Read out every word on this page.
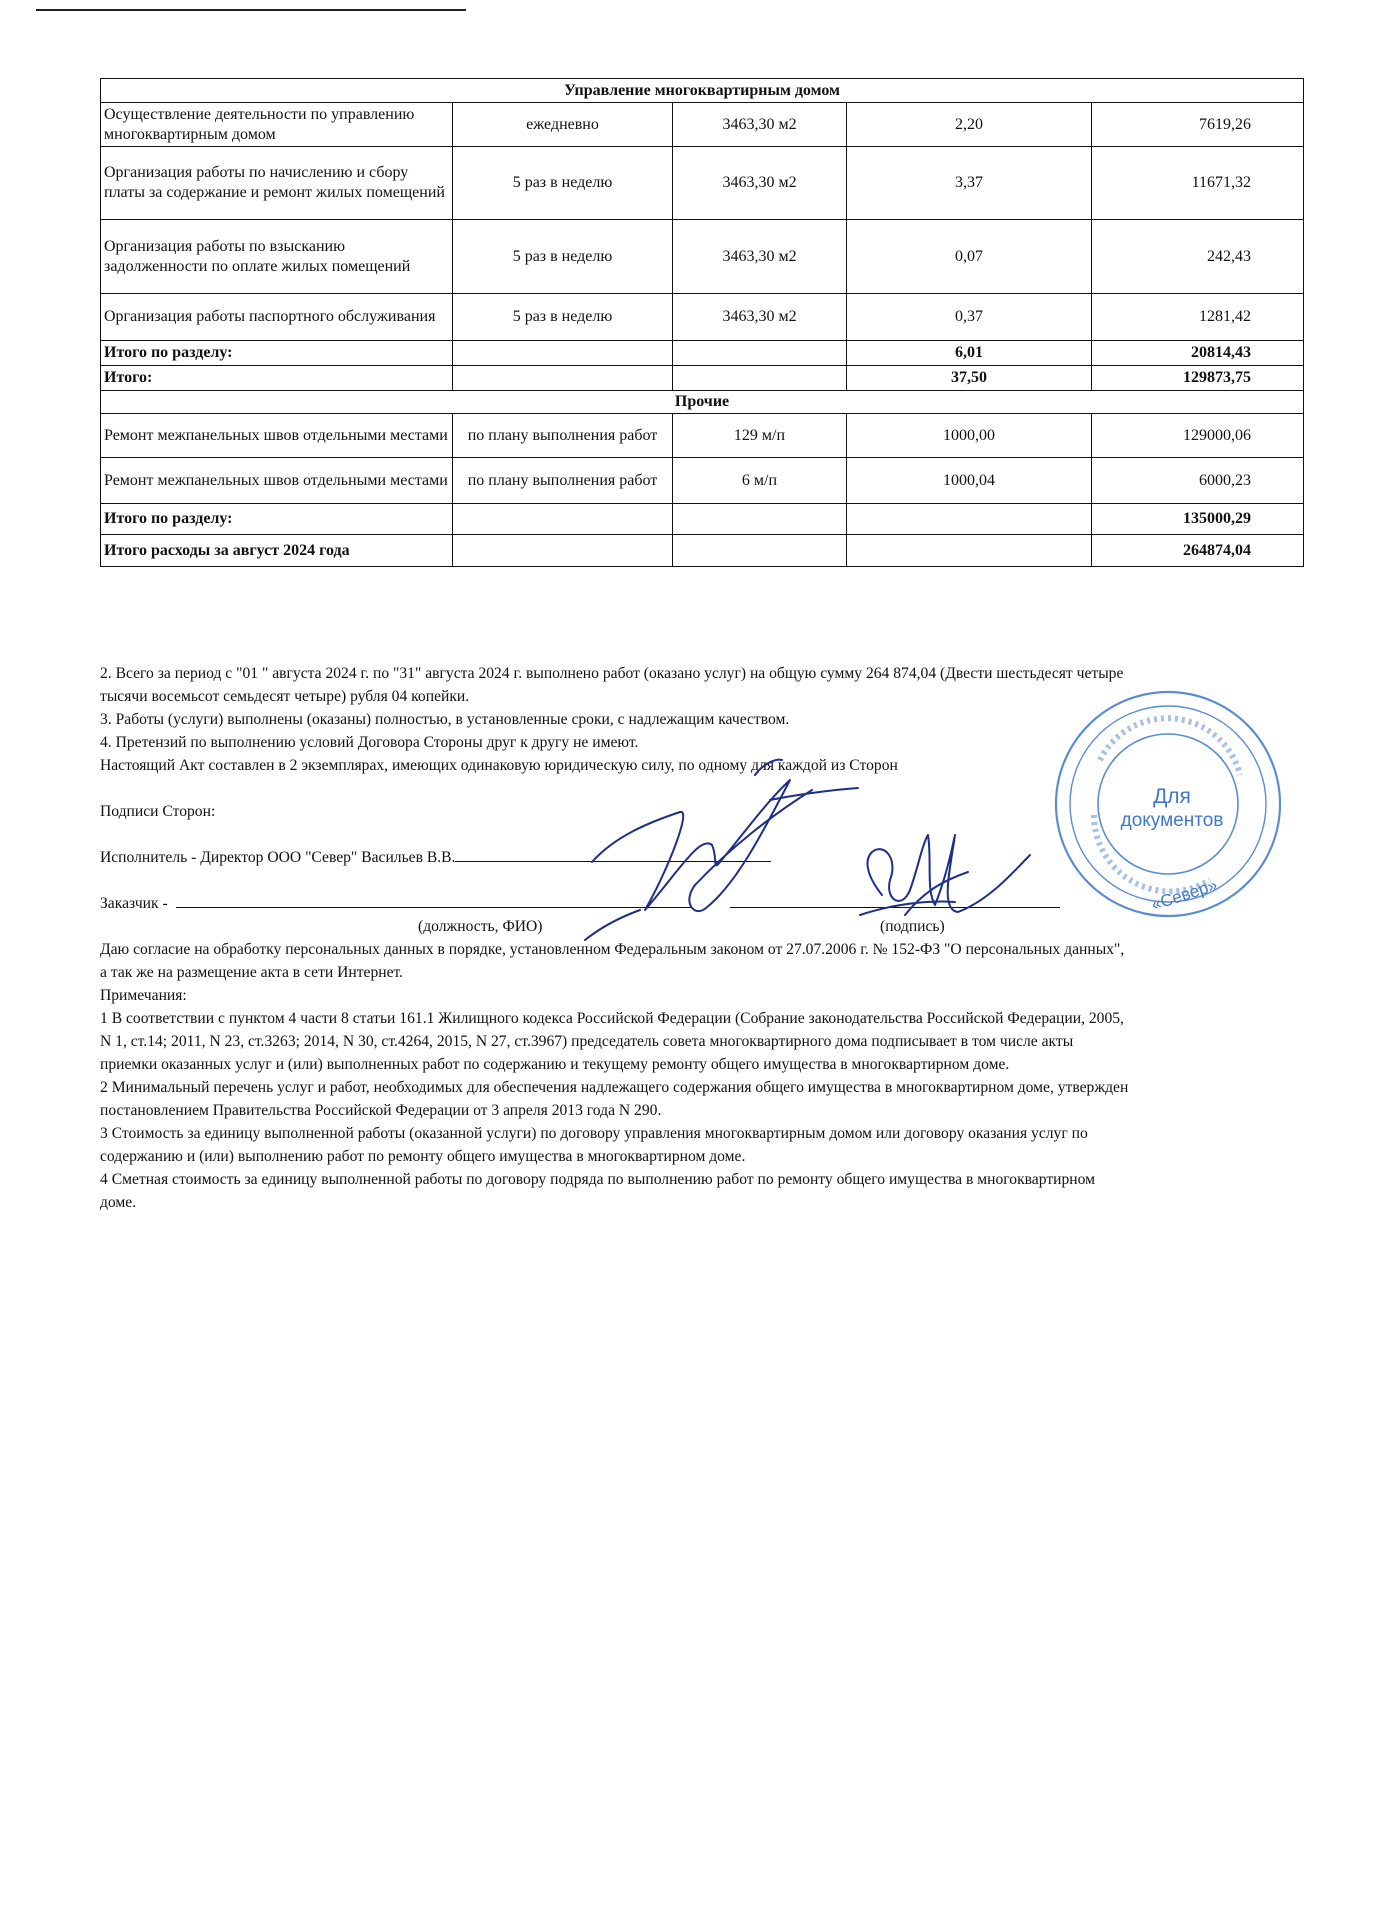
Управление многоквартирным домом				
Осуществление деятельности по управлению многоквартирным домом	ежедневно	3463,30 м2	2,20	7619,26
Организация работы по начислению и сбору платы за содержание и ремонт жилых помещений	5 раз в неделю	3463,30 м2	3,37	11671,32
Организация работы по взысканию задолженности по оплате жилых помещений	5 раз в неделю	3463,30 м2	0,07	242,43
Организация работы паспортного обслуживания	5 раз в неделю	3463,30 м2	0,37	1281,42
Итого по разделу:			6,01	20814,43
Итого:			37,50	129873,75
Прочие				
Ремонт межпанельных швов отдельными местами	по плану выполнения работ	129 м/п	1000,00	129000,06
Ремонт межпанельных швов отдельными местами	по плану выполнения работ	6 м/п	1000,04	6000,23
Итого по разделу:				135000,29
Итого расходы за август 2024 года				264874,04

2. Всего за период с "01 " августа 2024 г. по "31" августа 2024 г. выполнено работ (оказано услуг) на общую сумму 264 874,04 (Двести шестьдесят четыре

тысячи восемьсот семьдесят четыре) рубля 04 копейки.

3. Работы (услуги) выполнены (оказаны) полностью, в установленные сроки, с надлежащим качеством.

4. Претензий по выполнению условий Договора Стороны друг к другу не имеют.

Настоящий Акт составлен в 2 экземплярах, имеющих одинаковую юридическую силу, по одному для каждой из Сторон

Подписи Сторон:

Исполнитель - Директор ООО "Север" Васильев В.В.

Заказчик -

(должность, ФИО)	(подпись)

Даю согласие на обработку персональных данных в порядке, установленном Федеральным законом от 27.07.2006 г. № 152-ФЗ "О персональных данных",

а так же на размещение акта в сети Интернет.

Примечания:

1 В соответствии с пунктом 4 части 8 статьи 161.1 Жилищного кодекса Российской Федерации (Собрание законодательства Российской Федерации, 2005,

N 1, ст.14; 2011, N 23, ст.3263; 2014, N 30, ст.4264, 2015, N 27, ст.3967) председатель совета многоквартирного дома подписывает в том числе акты

приемки оказанных услуг и (или) выполненных работ по содержанию и текущему ремонту общего имущества в многоквартирном доме.

2 Минимальный перечень услуг и работ, необходимых для обеспечения надлежащего содержания общего имущества в многоквартирном доме, утвержден

постановлением Правительства Российской Федерации от 3 апреля 2013 года N 290.

3 Стоимость за единицу выполненной работы (оказанной услуги) по договору управления многоквартирным домом или договору оказания услуг по

содержанию и (или) выполнению работ по ремонту общего имущества в многоквартирном доме.

4 Сметная стоимость за единицу выполненной работы по договору подряда по выполнению работ по ремонту общего имущества в многоквартирном

доме.

Для
документов
«Север»
